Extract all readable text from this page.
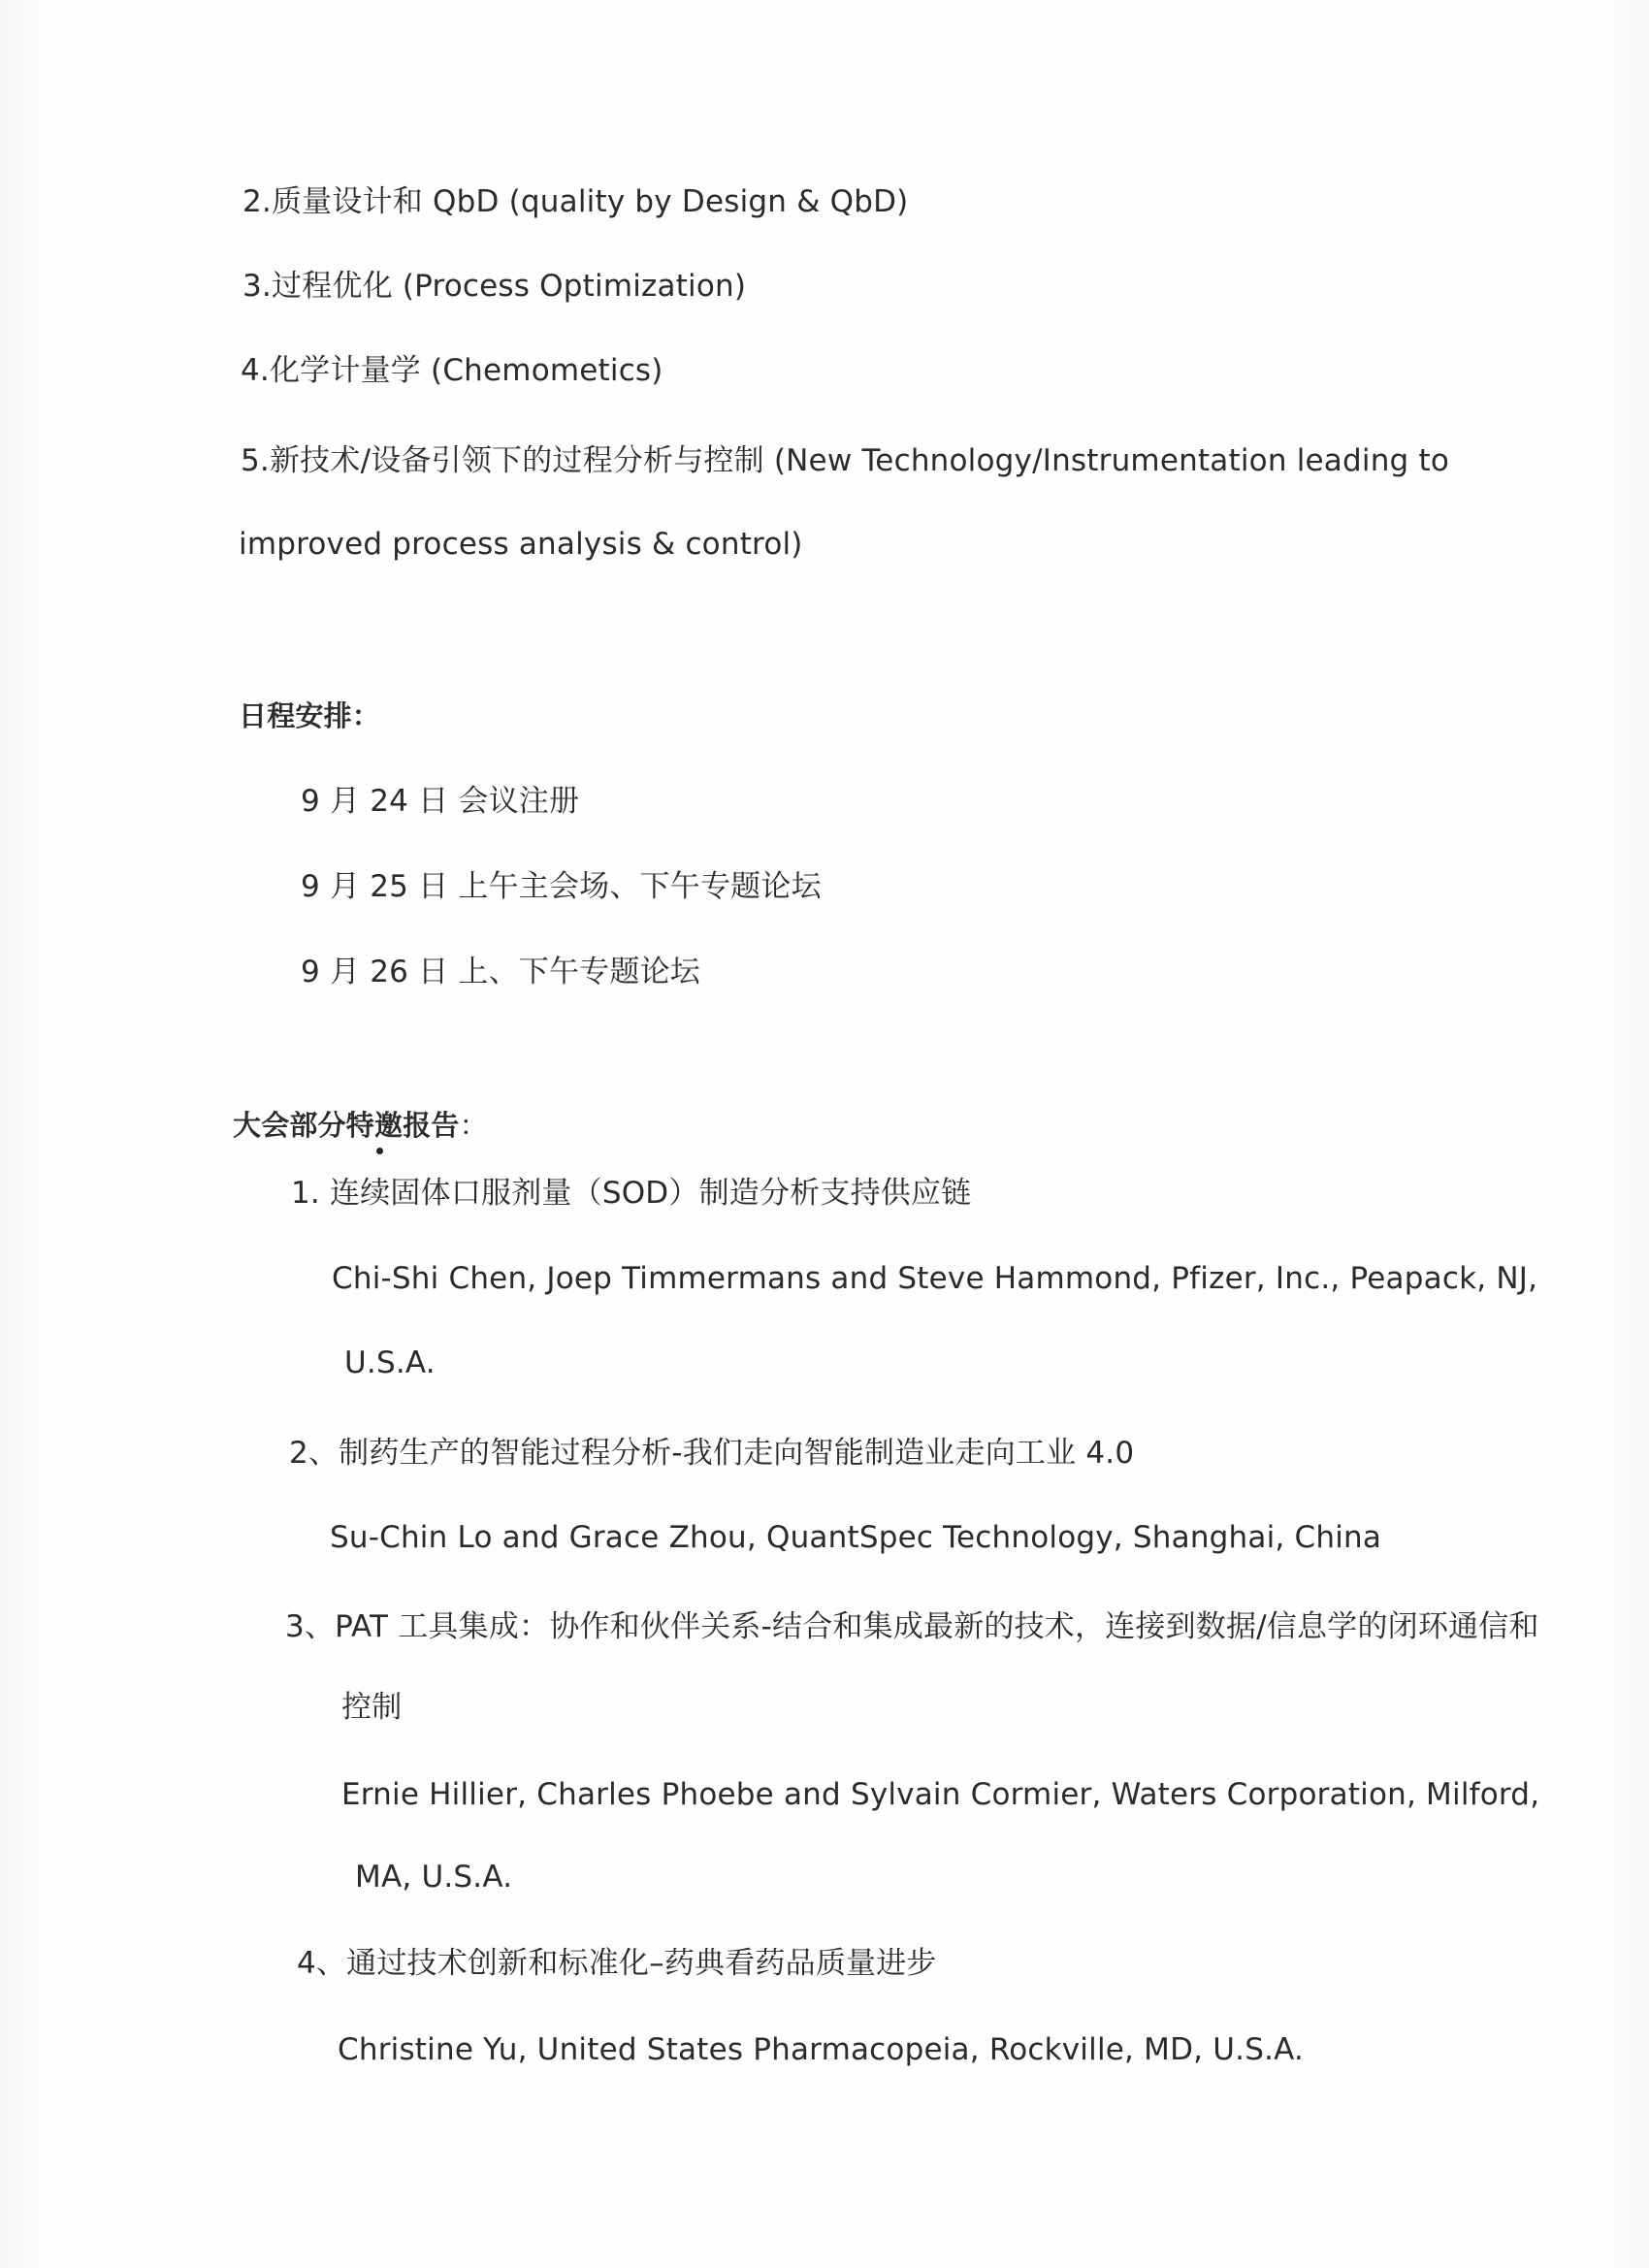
2.质量设计和 QbD (quality by Design & QbD)
3.过程优化 (Process Optimization)
4.化学计量学 (Chemometics)
5.新技术/设备引领下的过程分析与控制 (New Technology/Instrumentation leading to
improved process analysis & control)
日程安排：
9 月 24 日 会议注册
9 月 25 日 上午主会场、下午专题论坛
9 月 26 日 上、下午专题论坛
大会部分特邀报告：
1. 连续固体口服剂量（SOD）制造分析支持供应链
Chi-Shi Chen, Joep Timmermans and Steve Hammond, Pfizer, Inc., Peapack, NJ,
U.S.A.
2、制药生产的智能过程分析-我们走向智能制造业走向工业 4.0
Su-Chin Lo and Grace Zhou, QuantSpec Technology, Shanghai, China
3、PAT 工具集成：协作和伙伴关系-结合和集成最新的技术，连接到数据/信息学的闭环通信和
控制
Ernie Hillier, Charles Phoebe and Sylvain Cormier, Waters Corporation, Milford,
MA, U.S.A.
4、通过技术创新和标准化–药典看药品质量进步
Christine Yu, United States Pharmacopeia, Rockville, MD, U.S.A.
